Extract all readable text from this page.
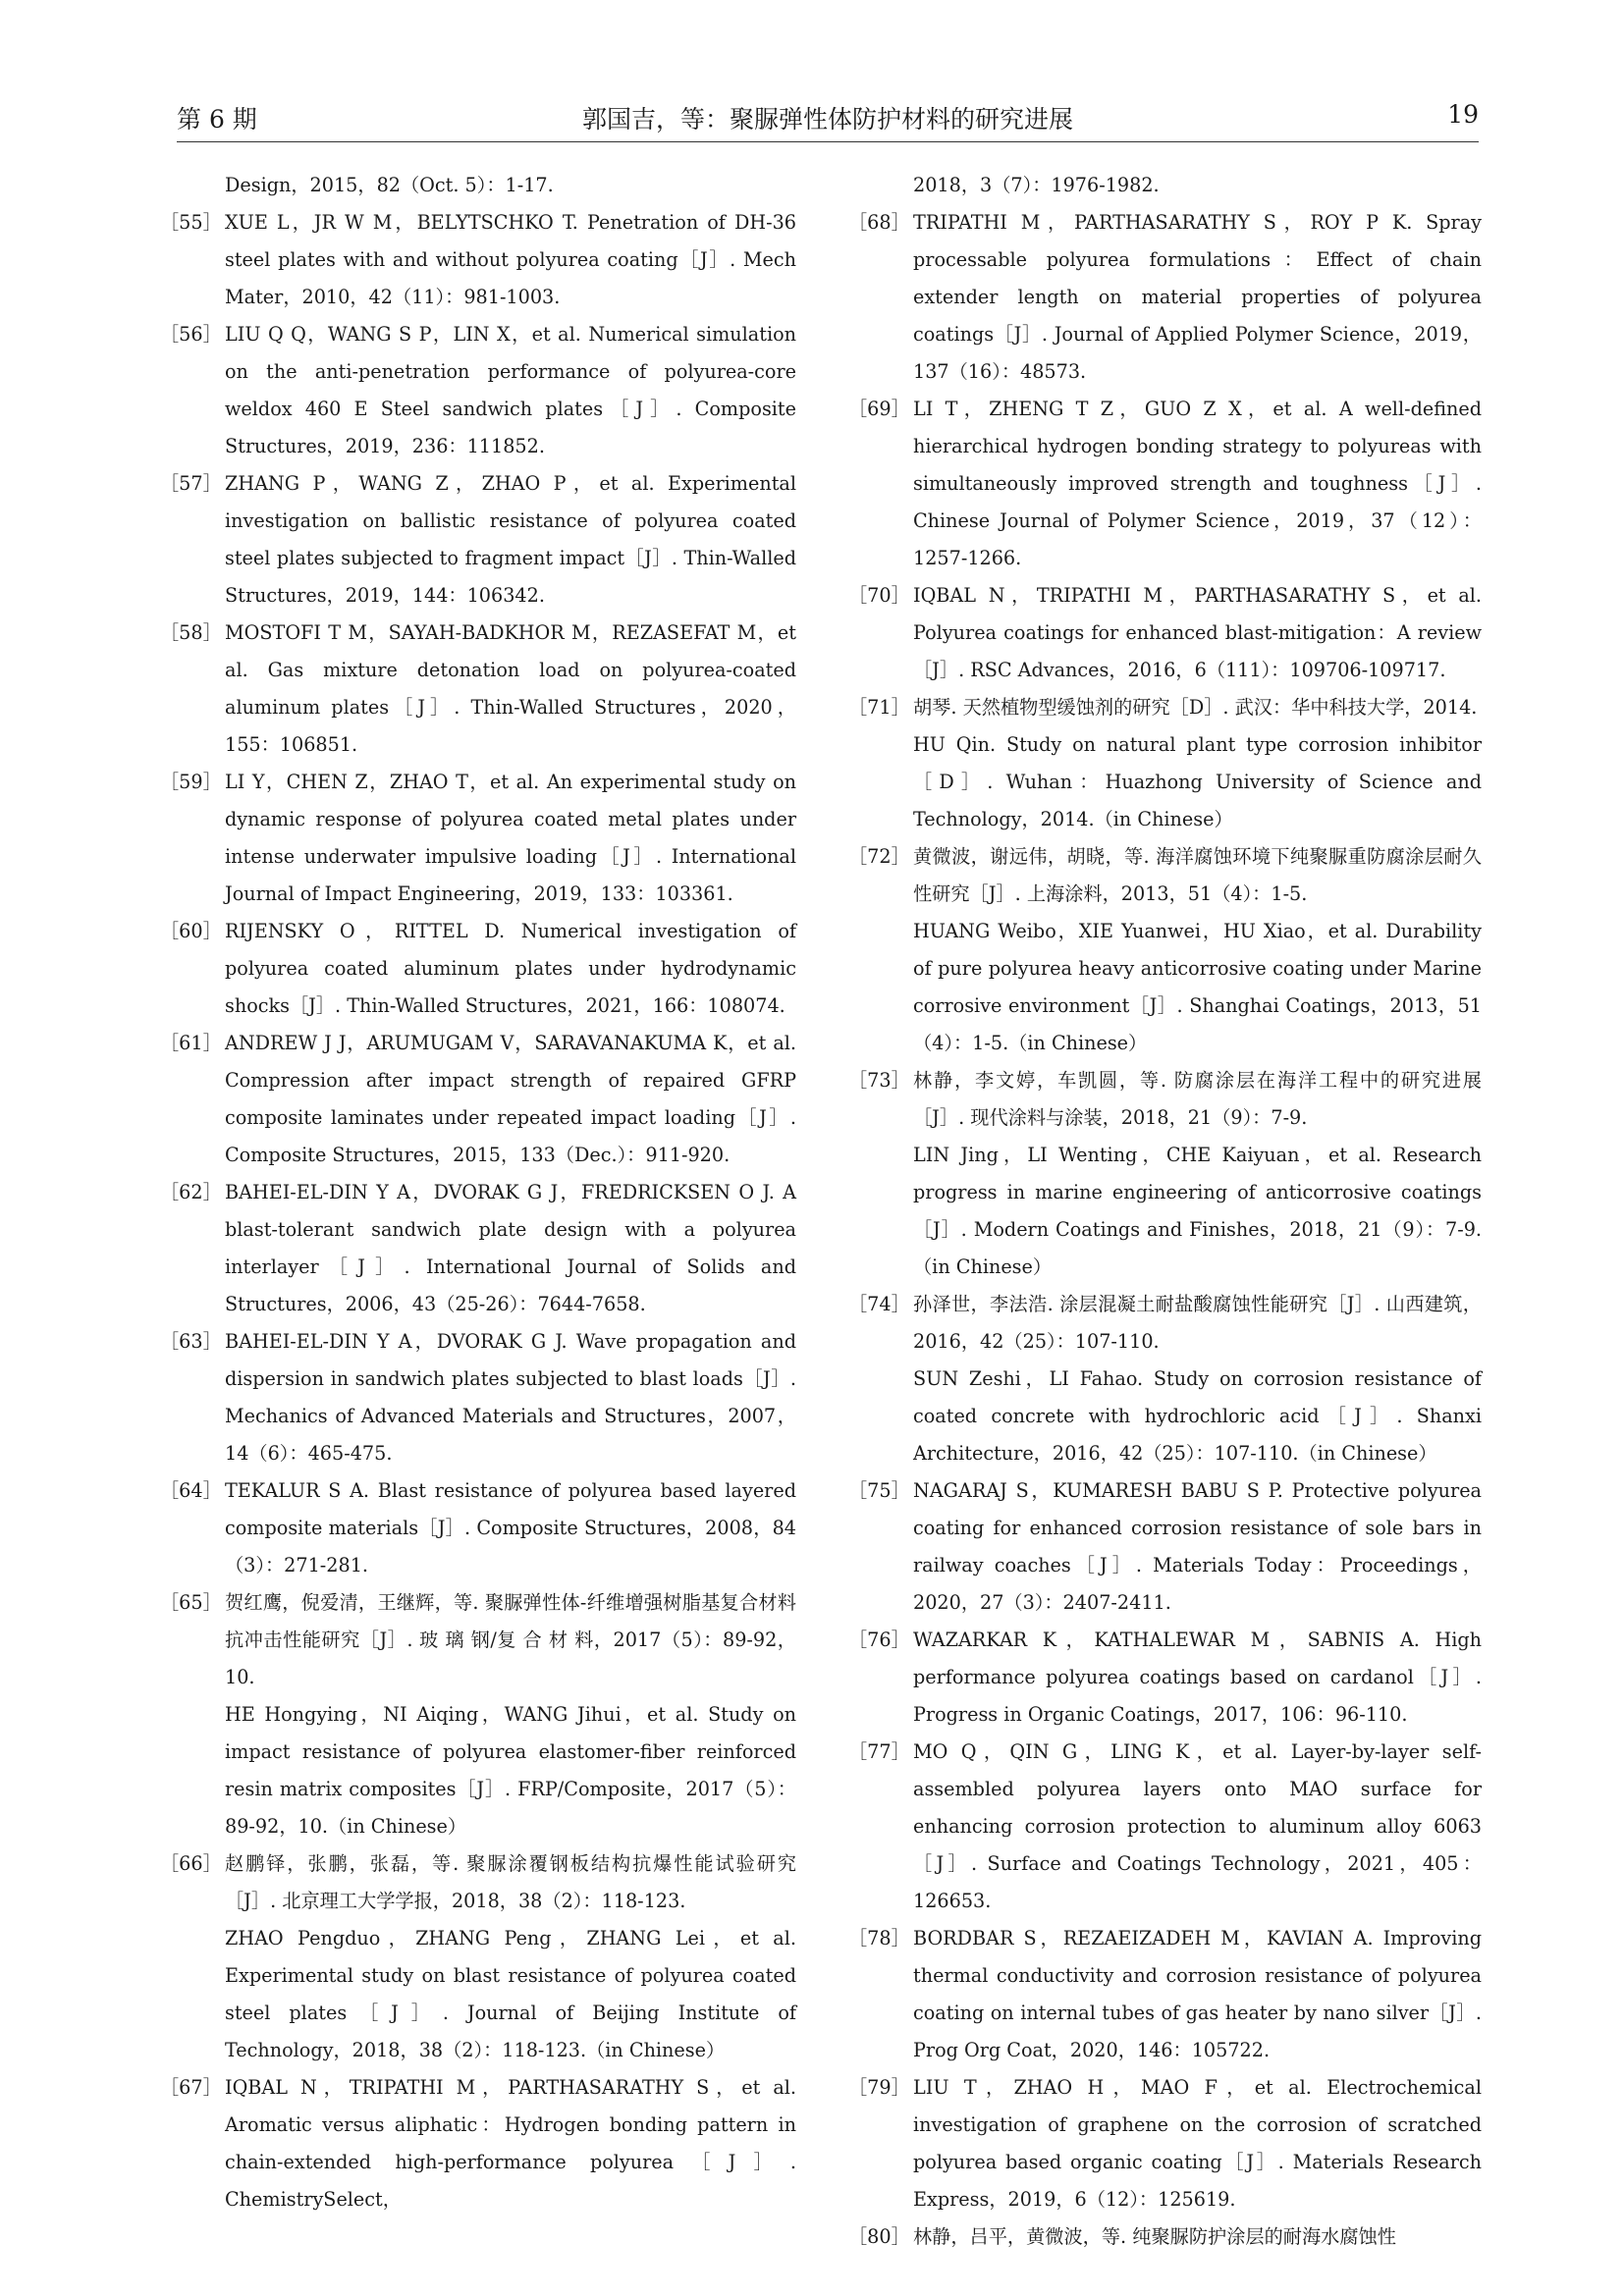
第 6 期	郭国吉，等：聚脲弹性体防护材料的研究进展	19
Design，2015，82（Oct. 5）：1-17.
［55］ XUE L，JR W M，BELYTSCHKO T. Penetration of DH-36 steel plates with and without polyurea coating［J］. Mech Mater，2010，42（11）：981-1003.

［56］ LIU Q Q，WANG S P，LIN X，et al. Numerical simulation on the anti-penetration performance of polyurea-core weldox 460 E Steel sandwich plates［J］. Composite Structures，2019，236：111852.

［57］ ZHANG P，WANG Z，ZHAO P，et al. Experimental investigation on ballistic resistance of polyurea coated steel plates subjected to fragment impact［J］. Thin-Walled Structures，2019，144：106342.

［58］ MOSTOFI T M，SAYAH-BADKHOR M，REZASEFAT M，et al. Gas mixture detonation load on polyurea-coated aluminum plates［J］. Thin-Walled Structures，2020，155：106851.

［59］ LI Y，CHEN Z，ZHAO T，et al. An experimental study on dynamic response of polyurea coated metal plates under intense underwater impulsive loading［J］. International Journal of Impact Engineering，2019，133：103361.

［60］ RIJENSKY O，RITTEL D. Numerical investigation of polyurea coated aluminum plates under hydrodynamic shocks［J］. Thin-Walled Structures，2021，166：108074.

［61］ ANDREW J J，ARUMUGAM V，SARAVANAKUMA K，et al. Compression after impact strength of repaired GFRP composite laminates under repeated impact loading［J］. Composite Structures，2015，133（Dec.）：911-920.

［62］ BAHEI-EL-DIN Y A，DVORAK G J，FREDRICKSEN O J. A blast-tolerant sandwich plate design with a polyurea interlayer［J］. International Journal of Solids and Structures，2006，43（25-26）：7644-7658.

［63］ BAHEI-EL-DIN Y A，DVORAK G J. Wave propagation and dispersion in sandwich plates subjected to blast loads［J］. Mechanics of Advanced Materials and Structures，2007，14（6）：465-475.

［64］ TEKALUR S A. Blast resistance of polyurea based layered composite materials［J］. Composite Structures，2008，84（3）：271-281.

［65］ 贺红鹰，倪爱清，王继辉，等. 聚脲弹性体-纤维增强树脂基复合材料抗冲击性能研究［J］. 玻 璃 钢/复 合 材 料，2017（5）：89-92，10.

HE Hongying，NI Aiqing，WANG Jihui，et al. Study on impact resistance of polyurea elastomer-fiber reinforced resin matrix composites［J］. FRP/Composite，2017（5）：89-92，10.（in Chinese）

［66］ 赵鹏铎，张鹏，张磊，等. 聚脲涂覆钢板结构抗爆性能试验研究［J］. 北京理工大学学报，2018，38（2）：118-123.

ZHAO Pengduo，ZHANG Peng，ZHANG Lei，et al. Experimental study on blast resistance of polyurea coated steel plates［J］. Journal of Beijing Institute of Technology，2018，38（2）：118-123.（in Chinese）

［67］ IQBAL N，TRIPATHI M，PARTHASARATHY S，et al. Aromatic versus aliphatic：Hydrogen bonding pattern in chain-extended high-performance polyurea［J］. ChemistrySelect，

2018，3（7）：1976-1982.
［68］ TRIPATHI M，PARTHASARATHY S，ROY P K. Spray processable polyurea formulations：Effect of chain extender length on material properties of polyurea coatings［J］. Journal of Applied Polymer Science，2019，137（16）：48573.

［69］ LI T，ZHENG T Z，GUO Z X，et al. A well-defined hierarchical hydrogen bonding strategy to polyureas with simultaneously improved strength and toughness［J］. Chinese Journal of Polymer Science，2019，37（12）：1257-1266.

［70］ IQBAL N，TRIPATHI M，PARTHASARATHY S，et al. Polyurea coatings for enhanced blast-mitigation：A review［J］. RSC Advances，2016，6（111）：109706-109717.

［71］ 胡琴. 天然植物型缓蚀剂的研究［D］. 武汉：华中科技大学，2014.

HU Qin. Study on natural plant type corrosion inhibitor［D］. Wuhan：Huazhong University of Science and Technology，2014.（in Chinese）

［72］ 黄微波，谢远伟，胡晓，等. 海洋腐蚀环境下纯聚脲重防腐涂层耐久性研究［J］. 上海涂料，2013，51（4）：1-5.

HUANG Weibo，XIE Yuanwei，HU Xiao，et al. Durability of pure polyurea heavy anticorrosive coating under Marine corrosive environment［J］. Shanghai Coatings，2013，51（4）：1-5.（in Chinese）

［73］ 林静，李文婷，车凯圆，等. 防腐涂层在海洋工程中的研究进展［J］. 现代涂料与涂装，2018，21（9）：7-9.

LIN Jing，LI Wenting，CHE Kaiyuan，et al. Research progress in marine engineering of anticorrosive coatings［J］. Modern Coatings and Finishes，2018，21（9）：7-9.（in Chinese）

［74］ 孙泽世，李法浩. 涂层混凝土耐盐酸腐蚀性能研究［J］. 山西建筑，2016，42（25）：107-110.

SUN Zeshi，LI Fahao. Study on corrosion resistance of coated concrete with hydrochloric acid［J］. Shanxi Architecture，2016，42（25）：107-110.（in Chinese）

［75］ NAGARAJ S，KUMARESH BABU S P. Protective polyurea coating for enhanced corrosion resistance of sole bars in railway coaches［J］. Materials Today：Proceedings，2020，27（3）：2407-2411.

［76］ WAZARKAR K，KATHALEWAR M，SABNIS A. High performance polyurea coatings based on cardanol［J］. Progress in Organic Coatings，2017，106：96-110.

［77］ MO Q，QIN G，LING K，et al. Layer-by-layer self-assembled polyurea layers onto MAO surface for enhancing corrosion protection to aluminum alloy 6063［J］. Surface and Coatings Technology，2021，405：126653.

［78］ BORDBAR S，REZAEIZADEH M，KAVIAN A. Improving thermal conductivity and corrosion resistance of polyurea coating on internal tubes of gas heater by nano silver［J］. Prog Org Coat，2020，146：105722.

［79］ LIU T，ZHAO H，MAO F，et al. Electrochemical investigation of graphene on the corrosion of scratched polyurea based organic coating［J］. Materials Research Express，2019，6（12）：125619.

［80］ 林静，吕平，黄微波，等. 纯聚脲防护涂层的耐海水腐蚀性
